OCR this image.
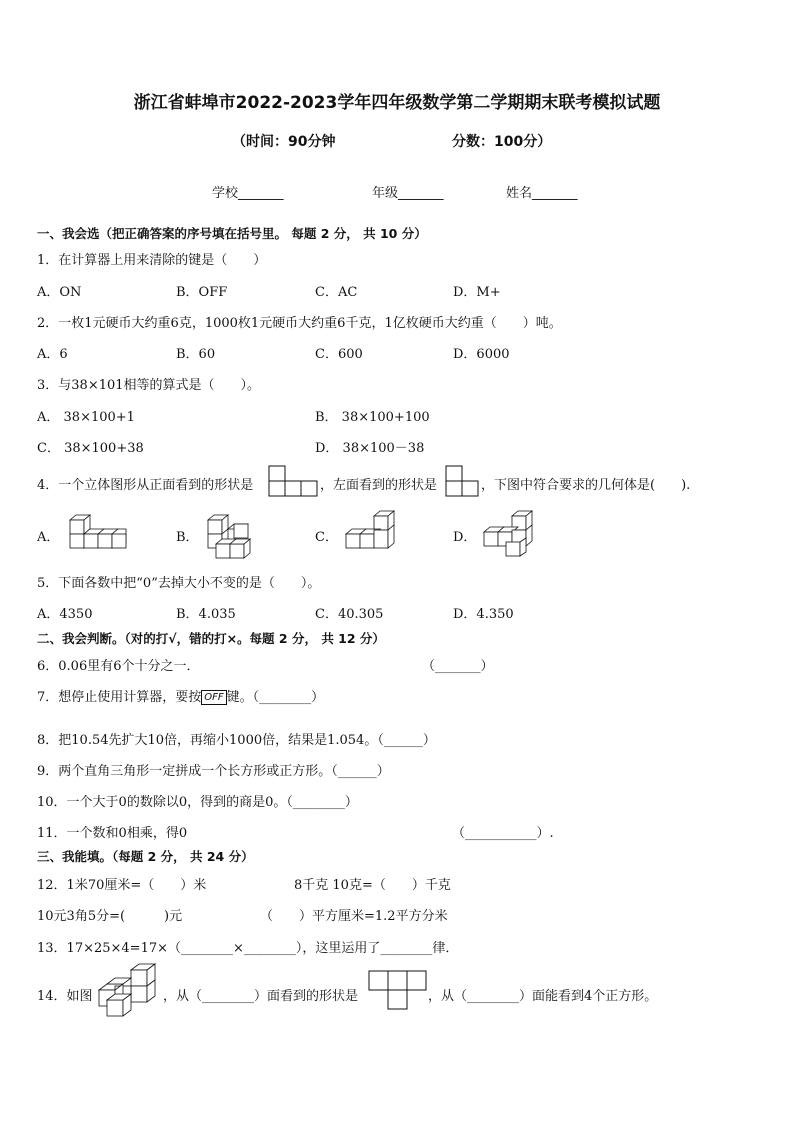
浙江省蚌埠市2022-2023学年四年级数学第二学期期末联考模拟试题
（时间：90分钟	分数：100分）
学校_______	年级_______	姓名_______
一、我会选（把正确答案的序号填在括号里。 每题 2 分， 共 10 分）
1．在计算器上用来清除的键是（　　）
A．ON	B．OFF	C．AC	D．M+
2．一枚1元硬币大约重6克，1000枚1元硬币大约重6千克，1亿枚硬币大约重（　　）吨。
A．6	B．60	C．600	D．6000
3．与38×101相等的算式是（　　）。
A． 38×100+1	B． 38×100+100
C． 38×100+38	D． 38×100－38
4．一个立体图形从正面看到的形状是	，左面看到的形状是	，下图中符合要求的几何体是(　　).
A．	B．	C．	D．
5．下面各数中把“0”去掉大小不变的是（　　）。
A．4350	B．4.035	C．40.305	D．4.350
二、我会判断。（对的打√，错的打×。每题 2 分， 共 12 分）
6．0.06里有6个十分之一．	（_______）
7．想停止使用计算器，要按 OFF 键。（________）
8．把10.54先扩大10倍，再缩小1000倍，结果是1.054。（______）
9．两个直角三角形一定拼成一个长方形或正方形。（______）
10．一个大于0的数除以0，得到的商是0。（________）
11．一个数和0相乘，得0	（___________）.
三、我能填。（每题 2 分， 共 24 分）
12．1米70厘米=（　　）米	8千克 10克=（　　）千克
10元3角5分=(　　　)元	（　　）平方厘米=1.2平方分米
13．17×25×4=17×（________×________），这里运用了________律．
14．如图	，从（________）面看到的形状是	，从（________）面能看到4个正方形。
